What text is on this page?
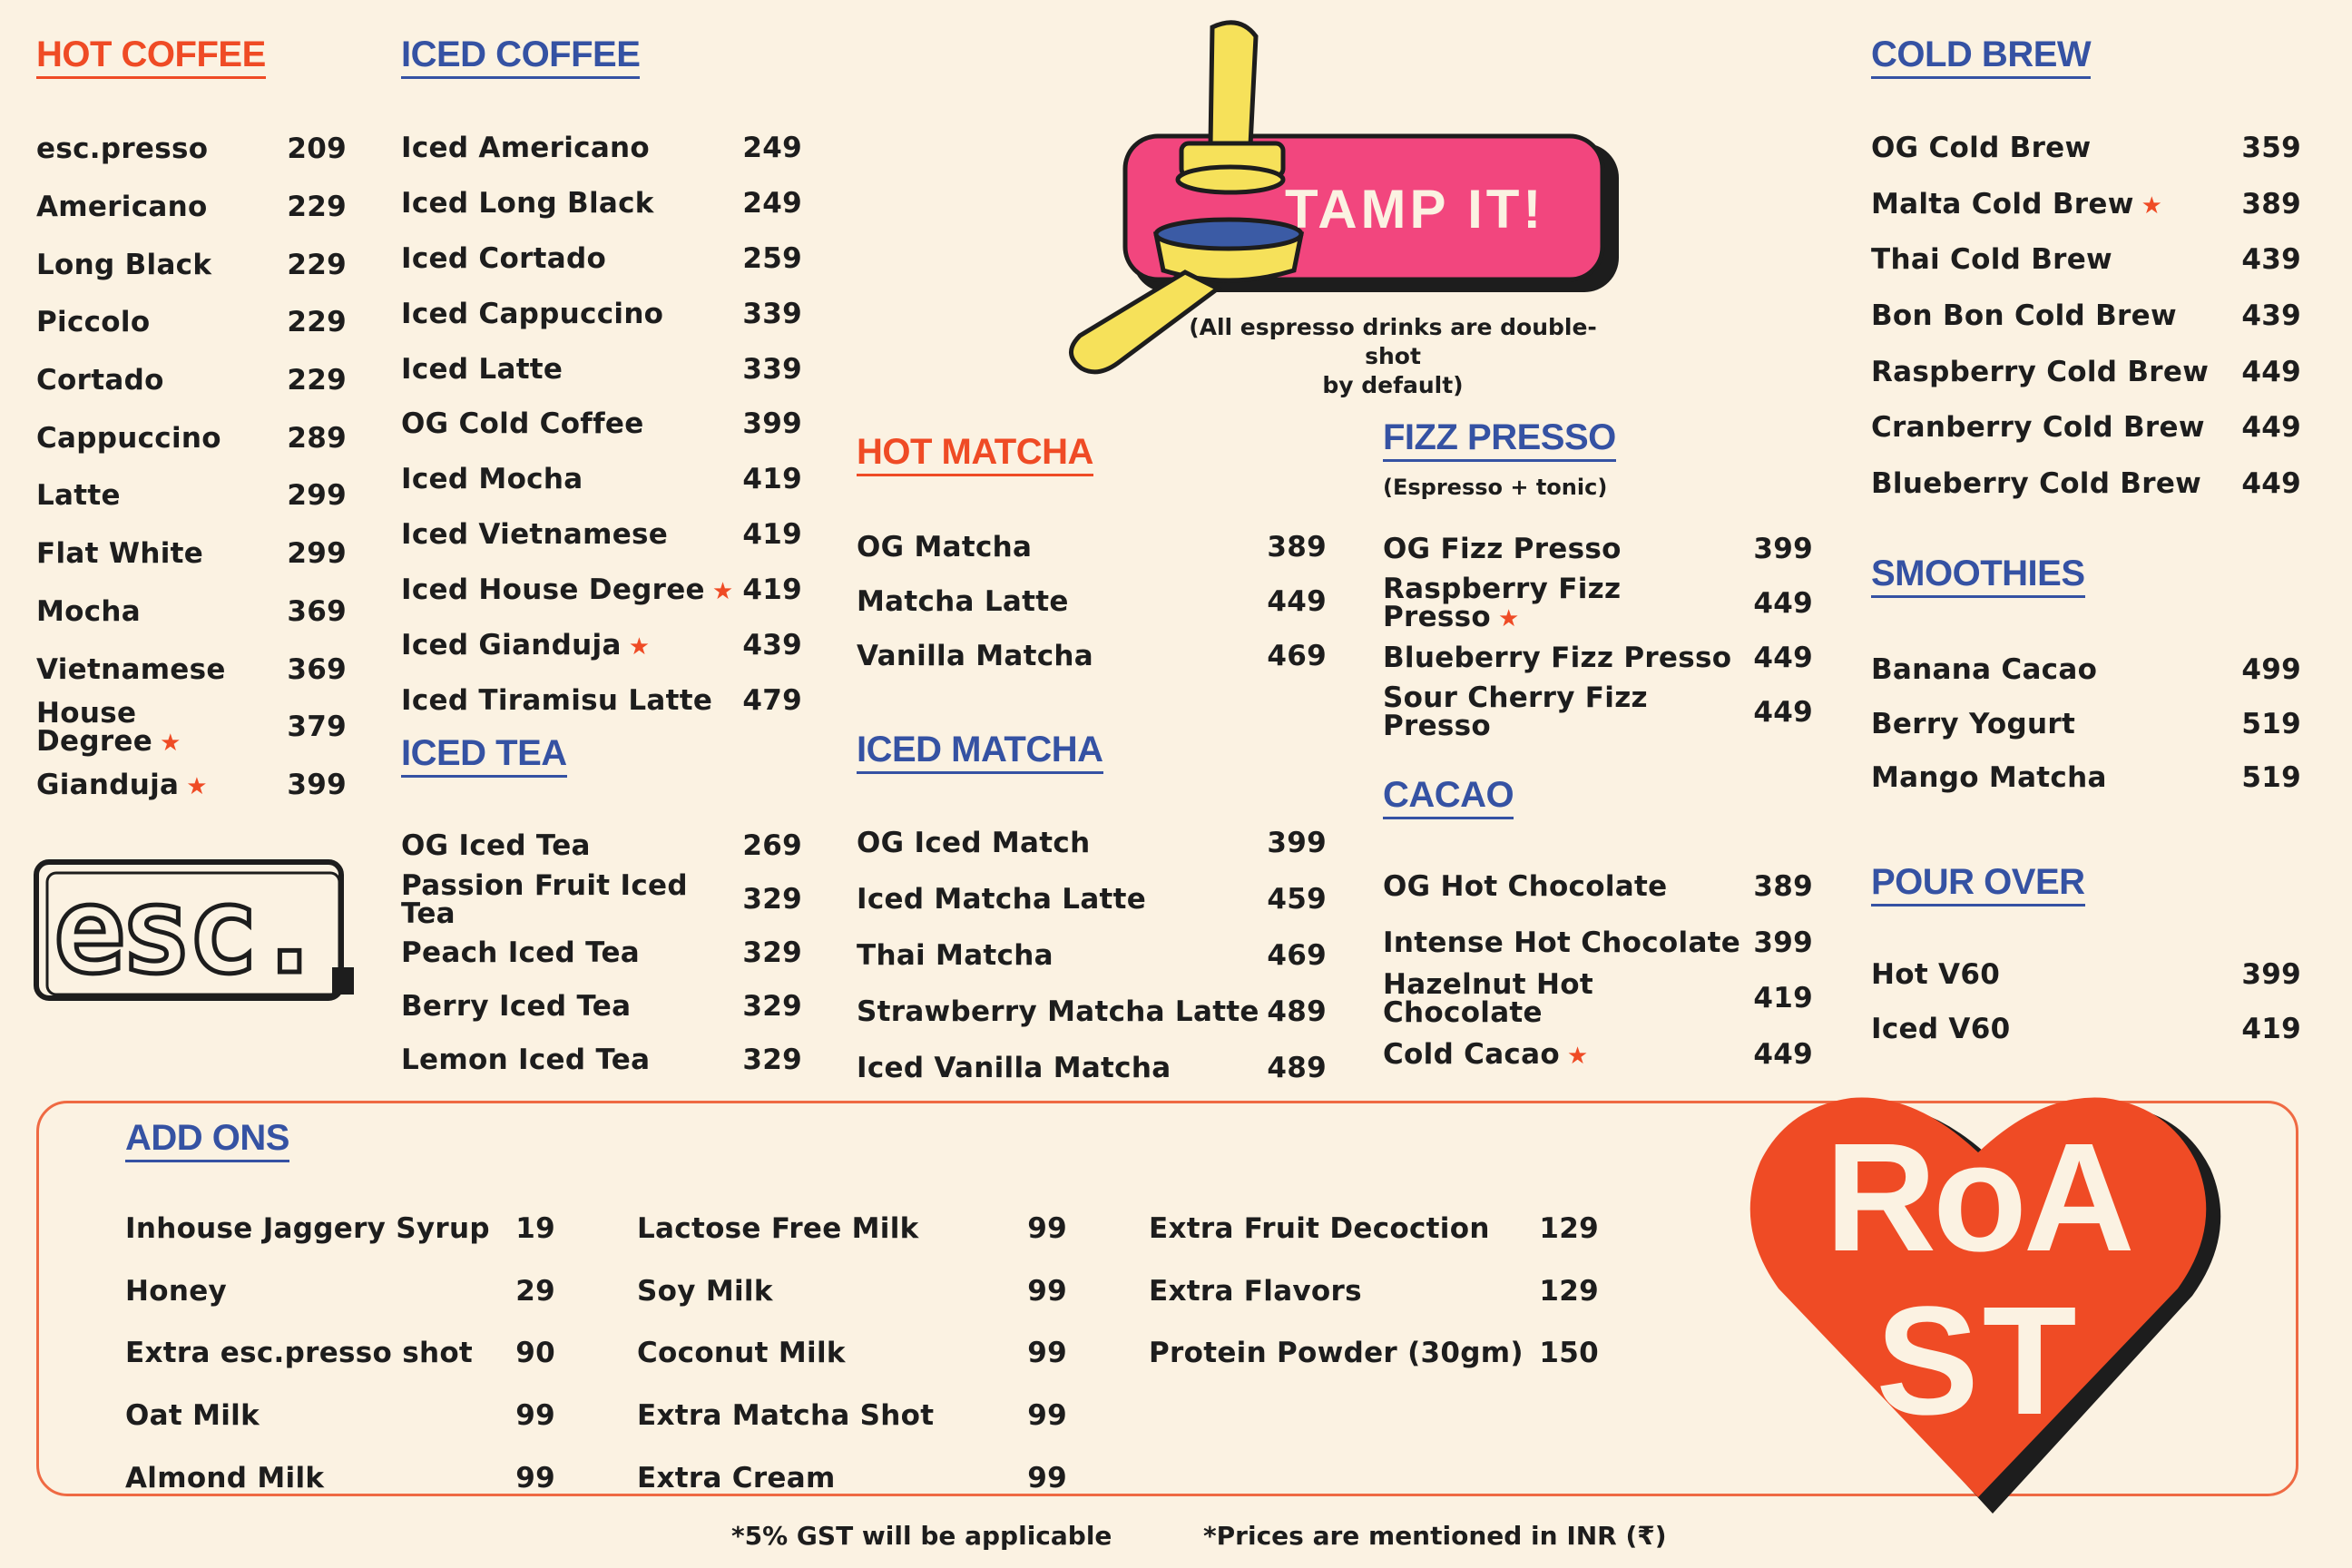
HOT COFFEE
esc.presso	209
Americano	229
Long Black	229
Piccolo	229
Cortado	229
Cappuccino 289
Latte	299
Flat White	299
Mocha	369
Vietnamese 369
House Degree ★	379
Gianduja ★	399
ICED COFFEE
Iced Americano	249
Iced Long Black	249
Iced Cortado	259
Iced Cappuccino	339
Iced Latte	339
OG Cold Coffee	399
Iced Mocha	419
Iced Vietnamese	419
Iced House Degree ★ 419
Iced Gianduja ★	439
Iced Tiramisu Latte 479
ICED TEA
OG Iced Tea	269
Passion Fruit Iced Tea	329
Peach Iced Tea	329
Berry Iced Tea	329
Lemon Iced Tea	329
esc.
TAMP IT!
(All espresso drinks are double-shot
by default)
HOT MATCHA
OG Matcha	389
Matcha Latte	449
Vanilla Matcha	469
ICED MATCHA
OG Iced Match	399
Iced Matcha Latte	459
Thai Matcha	469
Strawberry Matcha Latte 489
Iced Vanilla Matcha	489
FIZZ PRESSO
(Espresso + tonic)
OG Fizz Presso	399
Raspberry Fizz Presso ★	449
Blueberry Fizz Presso 449
Sour Cherry Fizz Presso	449
CACAO
OG Hot Chocolate	389
Intense Hot Chocolate 399
Hazelnut Hot Chocolate	419
Cold Cacao ★	449
COLD BREW
OG Cold Brew	359
Malta Cold Brew ★	389
Thai Cold Brew	439
Bon Bon Cold Brew 439
Raspberry Cold Brew 449
Cranberry Cold Brew 449
Blueberry Cold Brew 449
SMOOTHIES
Banana Cacao	499
Berry Yogurt	519
Mango Matcha	519
POUR OVER
Hot V60	399
Iced V60	419
ADD ONS
Inhouse Jaggery Syrup 19
Honey	29
Extra esc.presso shot 90
Oat Milk	99
Almond Milk	99
Lactose Free Milk	99
Soy Milk	99
Coconut Milk	99
Extra Matcha Shot	99
Extra Cream	99
Extra Fruit Decoction 129
Extra Flavors	129
Protein Powder (30gm) 150
RoA
ST
*5% GST will be applicable	*Prices are mentioned in INR (₹)
